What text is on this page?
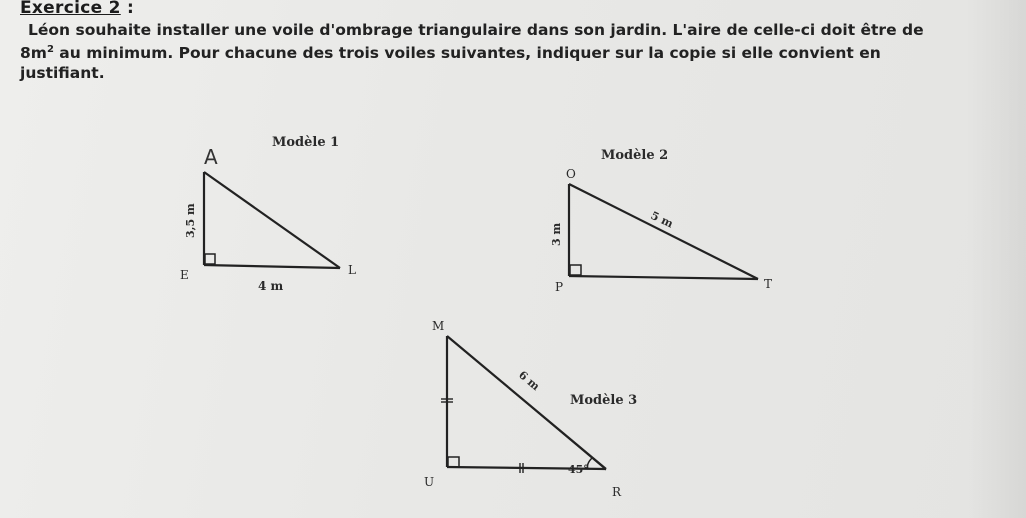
Exercice 2 :
Léon souhaite installer une voile d'ombrage triangulaire dans son jardin. L'aire de celle-ci doit être de
$8m^2$ au minimum. Pour chacune des trois voiles suivantes, indiquer sur la copie si elle convient en
justifiant.
Modèle 1
A
E	L
3,5 m
4 m
Modèle 2
O
P	T
3 m
5 m
Modèle 3
M
U
R
6 m
45°
